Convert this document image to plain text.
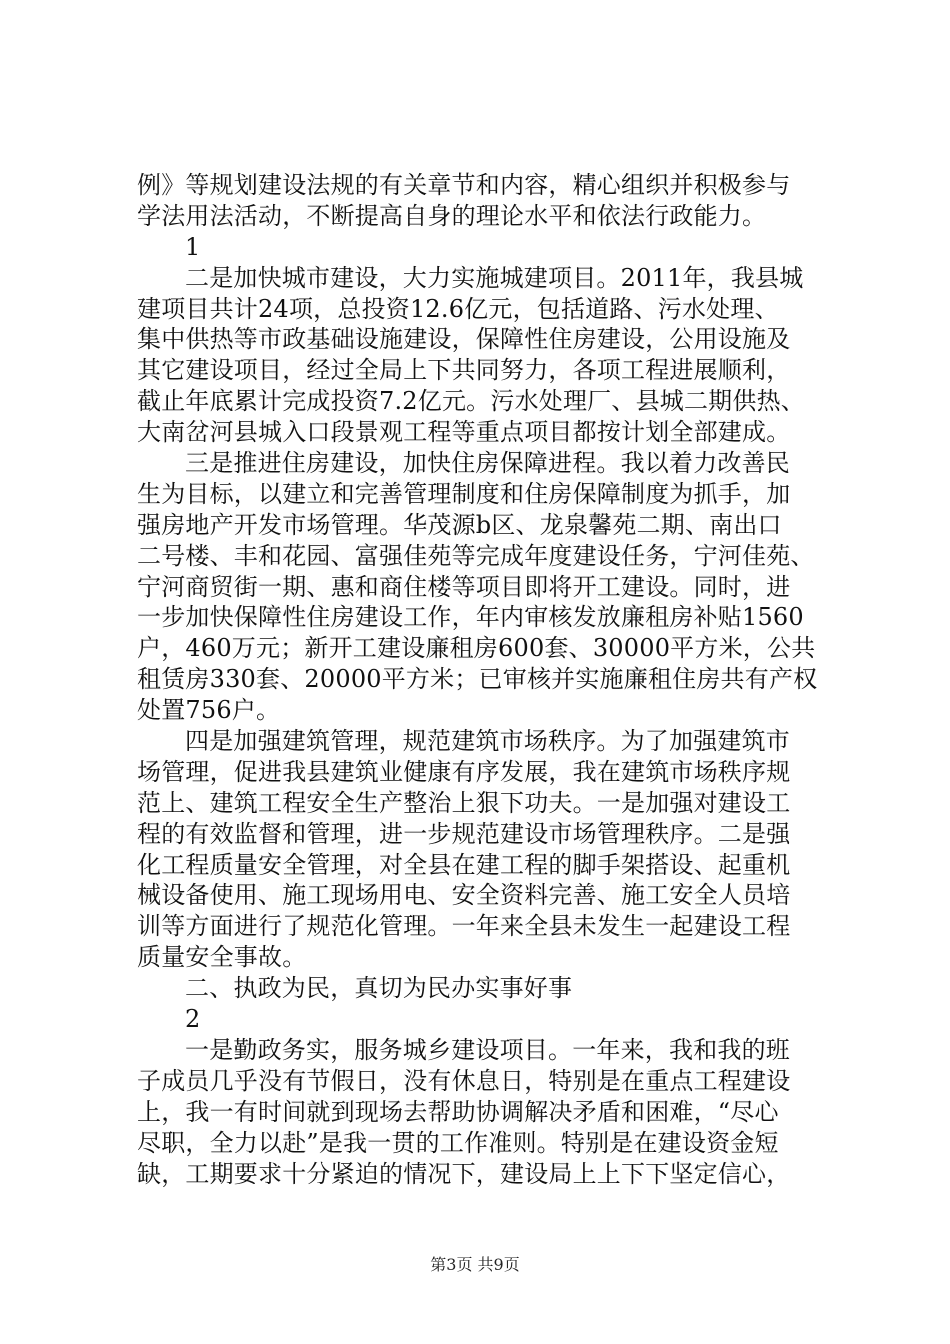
例》等规划建设法规的有关章节和内容，精心组织并积极参与
学法用法活动，不断提高自身的理论水平和依法行政能力。
1
二是加快城市建设，大力实施城建项目。2011年，我县城
建项目共计24项，总投资12.6亿元，包括道路、污水处理、
集中供热等市政基础设施建设，保障性住房建设，公用设施及
其它建设项目，经过全局上下共同努力，各项工程进展顺利，
截止年底累计完成投资7.2亿元。污水处理厂、县城二期供热、
大南岔河县城入口段景观工程等重点项目都按计划全部建成。
三是推进住房建设，加快住房保障进程。我以着力改善民
生为目标，以建立和完善管理制度和住房保障制度为抓手，加
强房地产开发市场管理。华茂源b区、龙泉馨苑二期、南出口
二号楼、丰和花园、富强佳苑等完成年度建设任务，宁河佳苑、
宁河商贸街一期、惠和商住楼等项目即将开工建设。同时，进
一步加快保障性住房建设工作，年内审核发放廉租房补贴1560
户，460万元；新开工建设廉租房600套、30000平方米，公共
租赁房330套、20000平方米；已审核并实施廉租住房共有产权
处置756户。
四是加强建筑管理，规范建筑市场秩序。为了加强建筑市
场管理，促进我县建筑业健康有序发展，我在建筑市场秩序规
范上、建筑工程安全生产整治上狠下功夫。一是加强对建设工
程的有效监督和管理，进一步规范建设市场管理秩序。二是强
化工程质量安全管理，对全县在建工程的脚手架搭设、起重机
械设备使用、施工现场用电、安全资料完善、施工安全人员培
训等方面进行了规范化管理。一年来全县未发生一起建设工程
质量安全事故。
二、执政为民，真切为民办实事好事
2
一是勤政务实，服务城乡建设项目。一年来，我和我的班
子成员几乎没有节假日，没有休息日，特别是在重点工程建设
上，我一有时间就到现场去帮助协调解决矛盾和困难，“尽心
尽职，全力以赴”是我一贯的工作准则。特别是在建设资金短
缺，工期要求十分紧迫的情况下，建设局上上下下坚定信心，
第3页 共9页
